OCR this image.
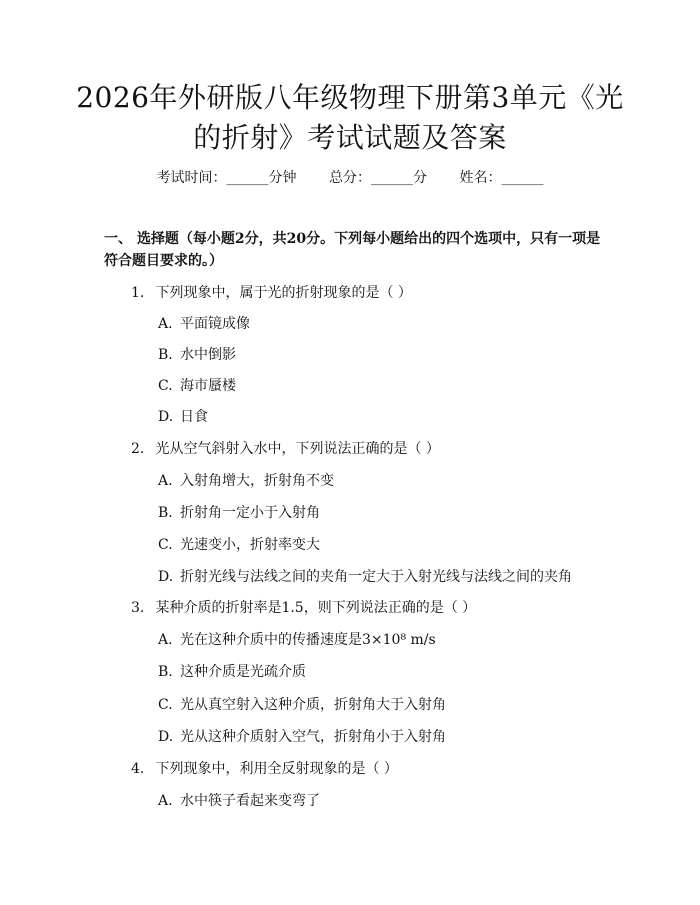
2026年外研版八年级物理下册第3单元《光
的折射》考试试题及答案
考试时间：______分钟 总分：______分 姓名：______
一、 选择题（每小题2分，共20分。下列每小题给出的四个选项中，只有一项是符合题目要求的。）
1. 下列现象中，属于光的折射现象的是（ ）
A. 平面镜成像
B. 水中倒影
C. 海市蜃楼
D. 日食
2. 光从空气斜射入水中，下列说法正确的是（ ）
A. 入射角增大，折射角不变
B. 折射角一定小于入射角
C. 光速变小，折射率变大
D. 折射光线与法线之间的夹角一定大于入射光线与法线之间的夹角
3. 某种介质的折射率是1.5，则下列说法正确的是（ ）
A. 光在这种介质中的传播速度是3×10⁸ m/s
B. 这种介质是光疏介质
C. 光从真空射入这种介质，折射角大于入射角
D. 光从这种介质射入空气，折射角小于入射角
4. 下列现象中，利用全反射现象的是（ ）
A. 水中筷子看起来变弯了
